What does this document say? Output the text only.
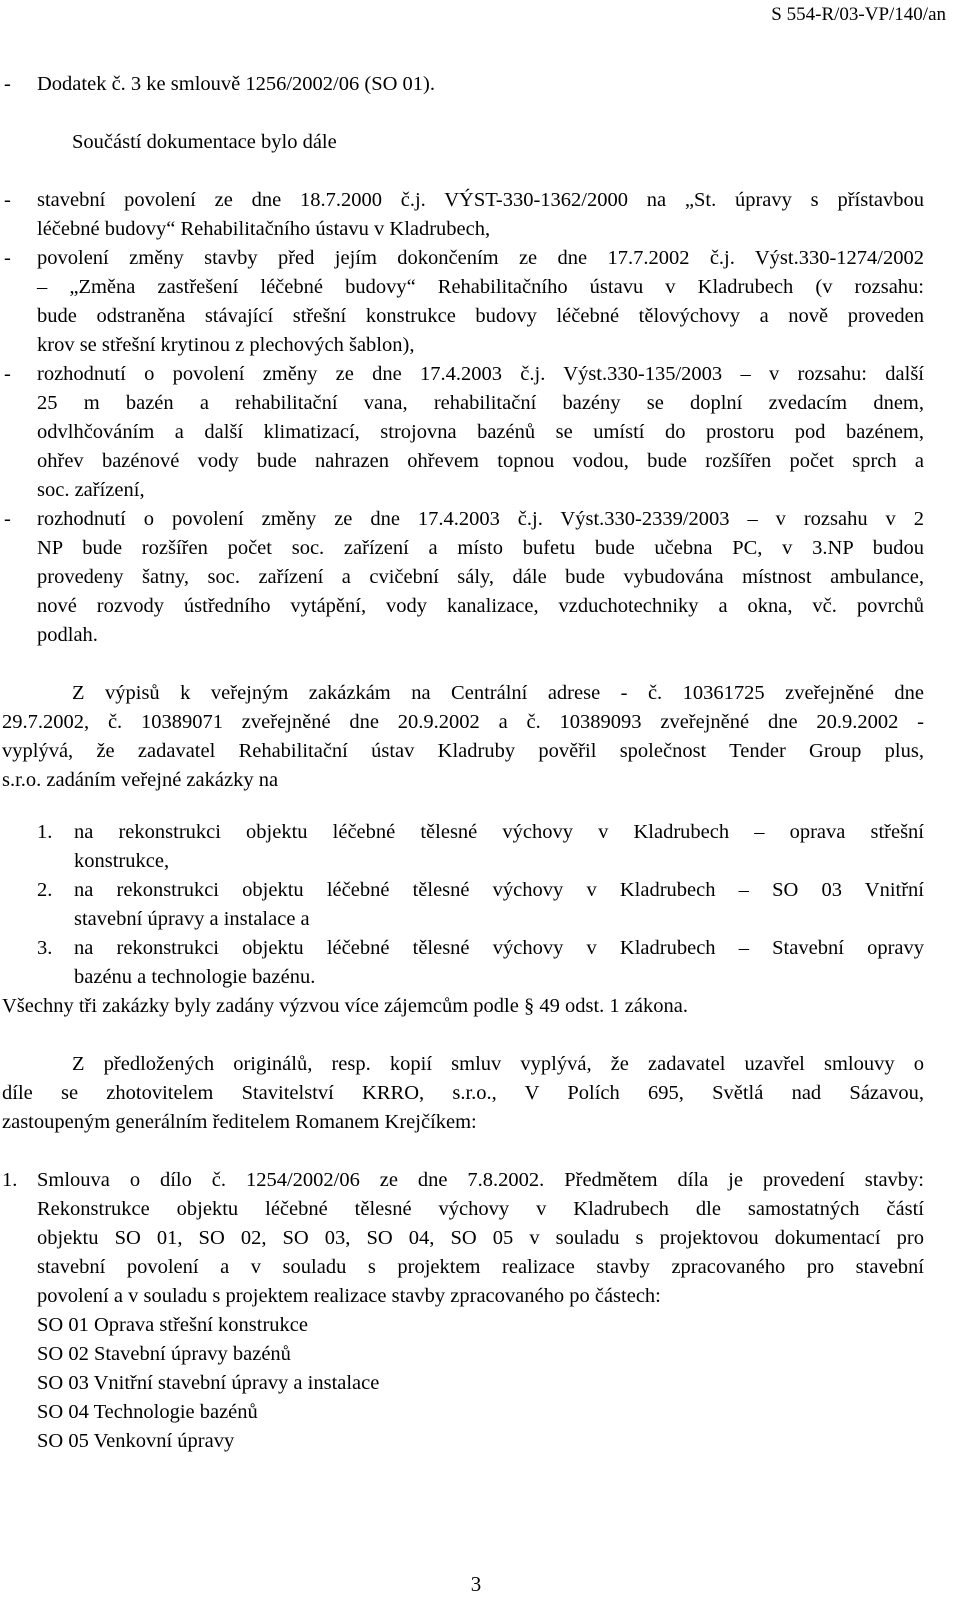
S 554-R/03-VP/140/an
- Dodatek č. 3 ke smlouvě 1256/2002/06 (SO 01).
Součástí dokumentace bylo dále
- stavební povolení ze dne 18.7.2000 č.j. VÝST-330-1362/2000 na „St. úpravy s přístavbou
léčebné budovy“ Rehabilitačního ústavu v Kladrubech,
- povolení změny stavby před jejím dokončením ze dne 17.7.2002 č.j. Výst.330-1274/2002
– „Změna zastřešení léčebné budovy“ Rehabilitačního ústavu v Kladrubech (v rozsahu:
bude odstraněna stávající střešní konstrukce budovy léčebné tělovýchovy a nově proveden
krov se střešní krytinou z plechových šablon),
- rozhodnutí o povolení změny ze dne 17.4.2003 č.j. Výst.330-135/2003 – v rozsahu: další
25 m bazén a rehabilitační vana, rehabilitační bazény se doplní zvedacím dnem,
odvlhčováním a další klimatizací, strojovna bazénů se umístí do prostoru pod bazénem,
ohřev bazénové vody bude nahrazen ohřevem topnou vodou, bude rozšířen počet sprch a
soc. zařízení,
- rozhodnutí o povolení změny ze dne 17.4.2003 č.j. Výst.330-2339/2003 – v rozsahu v 2
NP bude rozšířen počet soc. zařízení a místo bufetu bude učebna PC, v 3.NP budou
provedeny šatny, soc. zařízení a cvičební sály, dále bude vybudována místnost ambulance,
nové rozvody ústředního vytápění, vody kanalizace, vzduchotechniky a okna, vč. povrchů
podlah.
Z výpisů k veřejným zakázkám na Centrální adrese - č. 10361725 zveřejněné dne
29.7.2002, č. 10389071 zveřejněné dne 20.9.2002 a č. 10389093 zveřejněné dne 20.9.2002 -
vyplývá, že zadavatel Rehabilitační ústav Kladruby pověřil společnost Tender Group plus,
s.r.o. zadáním veřejné zakázky na
1. na rekonstrukci objektu léčebné tělesné výchovy v Kladrubech – oprava střešní
konstrukce,
2. na rekonstrukci objektu léčebné tělesné výchovy v Kladrubech – SO 03 Vnitřní
stavební úpravy a instalace a
3. na rekonstrukci objektu léčebné tělesné výchovy v Kladrubech – Stavební opravy
bazénu a technologie bazénu.
Všechny tři zakázky byly zadány výzvou více zájemcům podle § 49 odst. 1 zákona.
Z předložených originálů, resp. kopií smluv vyplývá, že zadavatel uzavřel smlouvy o
díle se zhotovitelem Stavitelství KRRO, s.r.o., V Polích 695, Světlá nad Sázavou,
zastoupeným generálním ředitelem Romanem Krejčíkem:
1. Smlouva o dílo č. 1254/2002/06 ze dne 7.8.2002. Předmětem díla je provedení stavby:
Rekonstrukce objektu léčebné tělesné výchovy v Kladrubech dle samostatných částí
objektu SO 01, SO 02, SO 03, SO 04, SO 05 v souladu s projektovou dokumentací pro
stavební povolení a v souladu s projektem realizace stavby zpracovaného pro stavební
povolení a v souladu s projektem realizace stavby zpracovaného po částech:
SO 01 Oprava střešní konstrukce
SO 02 Stavební úpravy bazénů
SO 03 Vnitřní stavební úpravy a instalace
SO 04 Technologie bazénů
SO 05 Venkovní úpravy
3
